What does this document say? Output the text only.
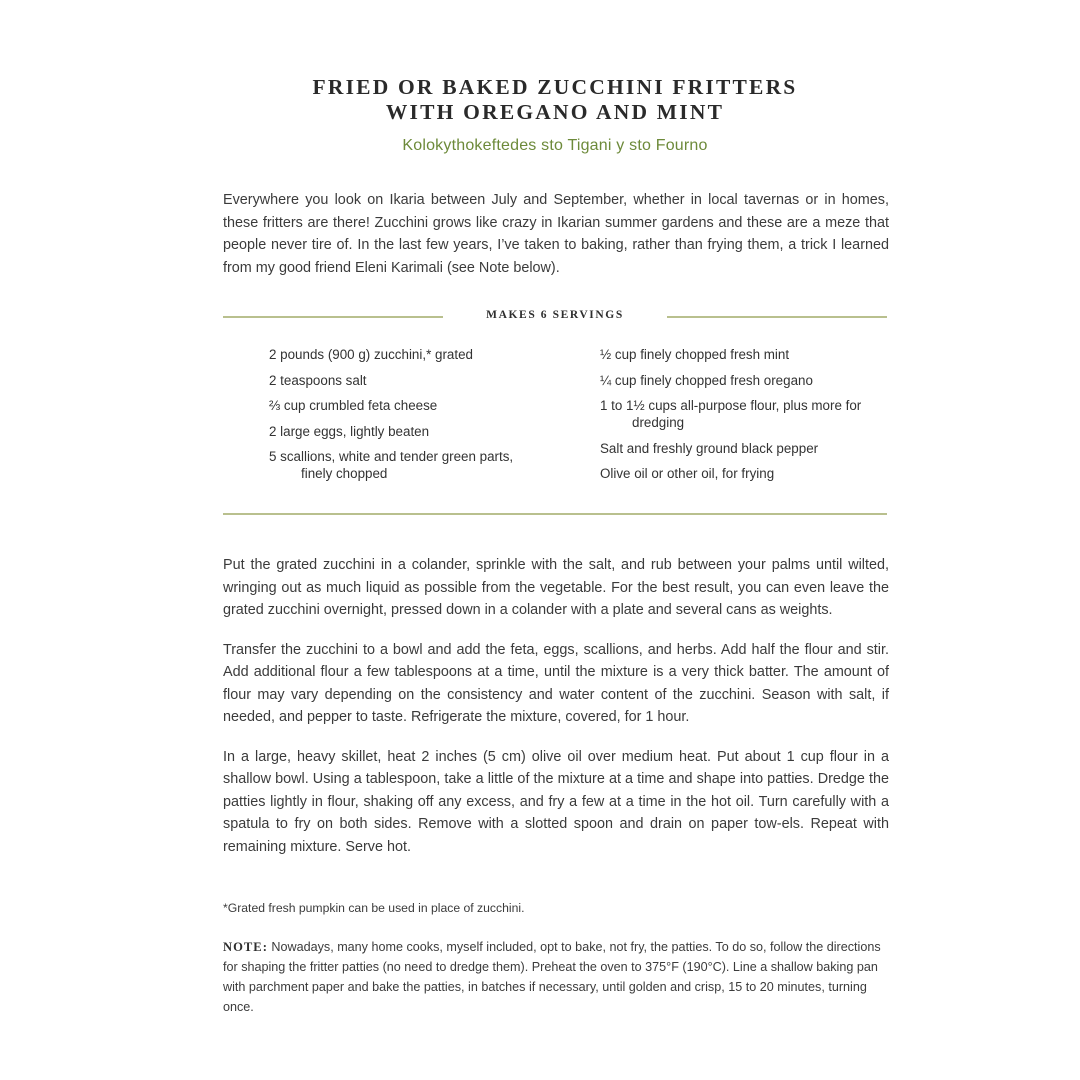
FRIED OR BAKED ZUCCHINI FRITTERS
WITH OREGANO AND MINT
Kolokythokeftedes sto Tigani y sto Fourno

Everywhere you look on Ikaria between July and September, whether in local tavernas or in homes, these fritters are there! Zucchini grows like crazy in Ikarian summer gardens and these are a meze that people never tire of. In the last few years, I’ve taken to baking, rather than frying them, a trick I learned from my good friend Eleni Karimali (see Note below).

MAKES 6 SERVINGS
2 pounds (900 g) zucchini,* grated
2 teaspoons salt
⅔ cup crumbled feta cheese
2 large eggs, lightly beaten
5 scallions, white and tender green parts, finely chopped
½ cup finely chopped fresh mint
¼ cup finely chopped fresh oregano
1 to 1½ cups all-purpose flour, plus more for dredging
Salt and freshly ground black pepper
Olive oil or other oil, for frying

Put the grated zucchini in a colander, sprinkle with the salt, and rub between your palms until wilted, wringing out as much liquid as possible from the vegetable. For the best result, you can even leave the grated zucchini overnight, pressed down in a colander with a plate and several cans as weights.

Transfer the zucchini to a bowl and add the feta, eggs, scallions, and herbs. Add half the flour and stir. Add additional flour a few tablespoons at a time, until the mixture is a very thick batter. The amount of flour may vary depending on the consistency and water content of the zucchini. Season with salt, if needed, and pepper to taste. Refrigerate the mixture, covered, for 1 hour.

In a large, heavy skillet, heat 2 inches (5 cm) olive oil over medium heat. Put about 1 cup flour in a shallow bowl. Using a tablespoon, take a little of the mixture at a time and shape into patties. Dredge the patties lightly in flour, shaking off any excess, and fry a few at a time in the hot oil. Turn carefully with a spatula to fry on both sides. Remove with a slotted spoon and drain on paper tow-els. Repeat with remaining mixture. Serve hot.

*Grated fresh pumpkin can be used in place of zucchini.

NOTE: Nowadays, many home cooks, myself included, opt to bake, not fry, the patties. To do so, follow the directions for shaping the fritter patties (no need to dredge them). Preheat the oven to 375°F (190°C). Line a shallow baking pan with parchment paper and bake the patties, in batches if necessary, until golden and crisp, 15 to 20 minutes, turning once.
